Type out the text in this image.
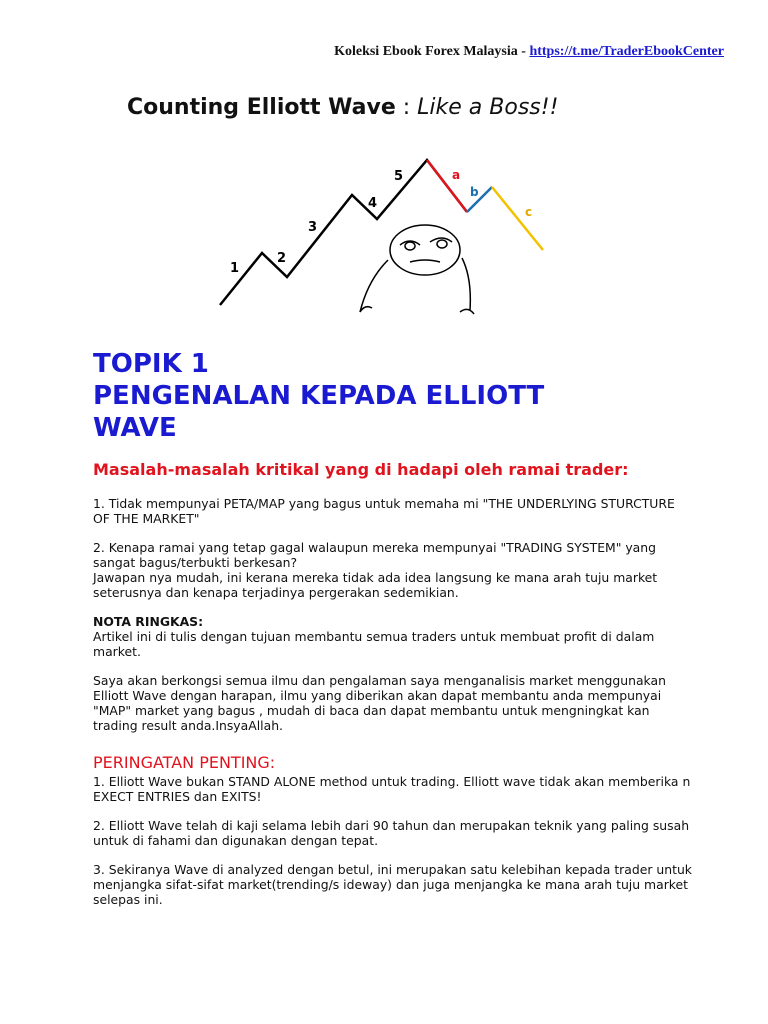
Koleksi Ebook Forex Malaysia - https://t.me/TraderEbookCenter
Counting Elliott Wave : Like a Boss!!
1
2
3
4
5	a
b
c
TOPIK 1
PENGENALAN KEPADA ELLIOTT
WAVE
Masalah-masalah kritikal yang di hadapi oleh ramai trader:

1. Tidak mempunyai PETA/MAP yang bagus untuk memaha mi "THE UNDERLYING STURCTURE OF THE MARKET"

2. Kenapa ramai yang tetap gagal walaupun mereka mempunyai "TRADING SYSTEM" yang sangat bagus/terbukti berkesan?

Jawapan nya mudah, ini kerana mereka tidak ada idea langsung ke mana arah tuju market seterusnya dan kenapa terjadinya pergerakan sedemikian.

NOTA RINGKAS:

Artikel ini di tulis dengan tujuan membantu semua traders untuk membuat profit di dalam market.

Saya akan berkongsi semua ilmu dan pengalaman saya menganalisis market menggunakan Elliott Wave dengan harapan, ilmu yang diberikan akan dapat membantu anda mempunyai "MAP" market yang bagus , mudah di baca dan dapat membantu untuk mengningkat kan trading result anda.InsyaAllah.

PERINGATAN PENTING:

1. Elliott Wave bukan STAND ALONE method untuk trading. Elliott wave tidak akan memberika n EXECT ENTRIES dan EXITS!

2. Elliott Wave telah di kaji selama lebih dari 90 tahun dan merupakan teknik yang paling susah untuk di fahami dan digunakan dengan tepat.

3. Sekiranya Wave di analyzed dengan betul, ini merupakan satu kelebihan kepada trader untuk menjangka sifat-sifat market(trending/s ideway) dan juga menjangka ke mana arah tuju market selepas ini.
